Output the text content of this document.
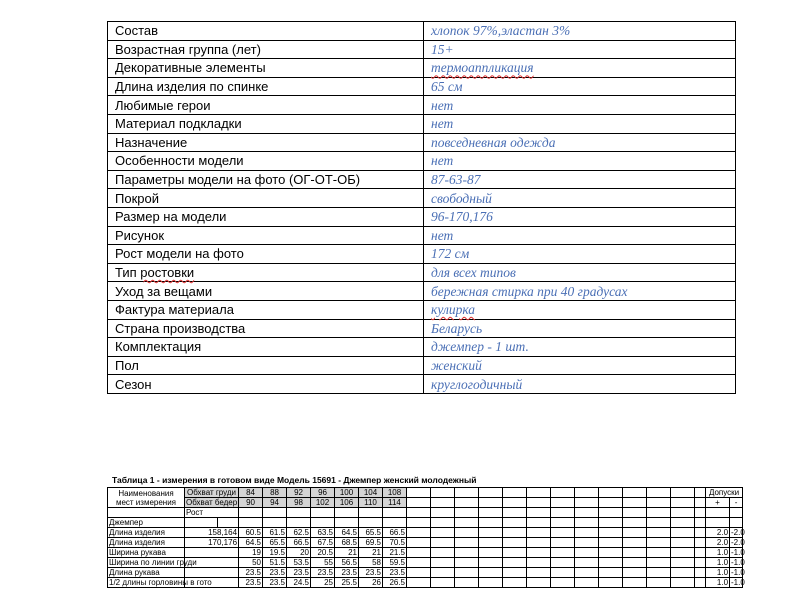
Состав	хлопок 97%,эластан 3%
Возрастная группа (лет)	15+
Декоративные элементы	термоаппликация
Длина изделия по спинке	65 см
Любимые герои	нет
Материал подкладки	нет
Назначение	повседневная одежда
Особенности модели	нет
Параметры модели на фото (ОГ-ОТ-ОБ)	87-63-87
Покрой	свободный
Размер на модели	96-170,176
Рисунок	нет
Рост модели на фото	172 см
Тип ростовки	для всех типов
Уход за вещами	бережная стирка при 40 градусах
Фактура материала	кулирка
Страна производства	Беларусь
Комплектация	джемпер - 1 шт.
Пол	женский
Сезон	круглогодичный
Таблица 1 - измерения в готовом виде Модель 15691 - Джемпер женский молодежный
Наименования
мест измерения	Обхват груди		84	88	92	96	100	104	108														Допуски	
	Обхват бедер		90	94	98	102	106	110	114														+	-
	Рост																							
Джемпер																								
Длина изделия	158,164		60.5	61.5	62.5	63.5	64.5	65.5	66.5														2.0	-2.0
Длина изделия	170,176		64.5	65.5	66.5	67.5	68.5	69.5	70.5														2.0	-2.0
Ширина рукава			19	19.5	20	20.5	21	21	21.5														1.0	-1.0
Ширина по линии груди			50	51.5	53.5	55	56.5	58	59.5														1.0	-1.0
Длина рукава			23.5	23.5	23.5	23.5	23.5	23.5	23.5														1.0	-1.0
1/2 длины горловины в гото			23.5	23.5	24.5	25	25.5	26	26.5														1.0	-1.0
